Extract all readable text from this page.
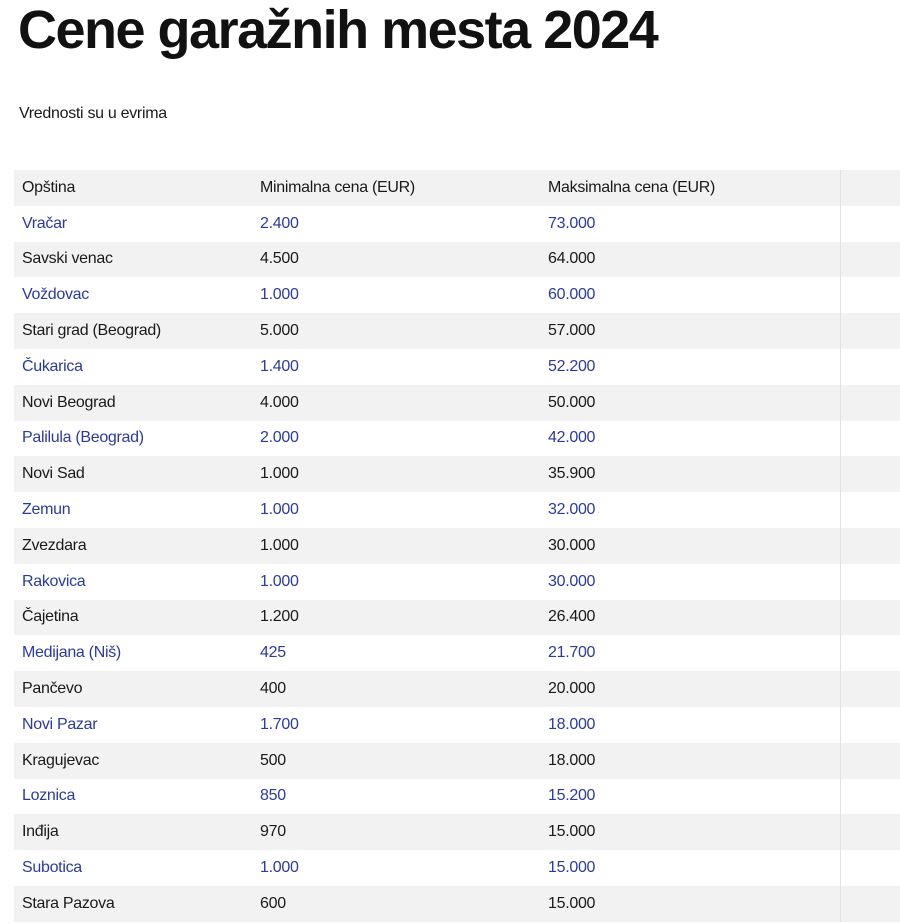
Cene garažnih mesta 2024
Vrednosti su u evrima
Opština	Minimalna cena (EUR)	Maksimalna cena (EUR)	
Vračar	2.400	73.000	
Savski venac	4.500	64.000	
Voždovac	1.000	60.000	
Stari grad (Beograd)	5.000	57.000	
Čukarica	1.400	52.200	
Novi Beograd	4.000	50.000	
Palilula (Beograd)	2.000	42.000	
Novi Sad	1.000	35.900	
Zemun	1.000	32.000	
Zvezdara	1.000	30.000	
Rakovica	1.000	30.000	
Čajetina	1.200	26.400	
Medijana (Niš)	425	21.700	
Pančevo	400	20.000	
Novi Pazar	1.700	18.000	
Kragujevac	500	18.000	
Loznica	850	15.200	
Inđija	970	15.000	
Subotica	1.000	15.000	
Stara Pazova	600	15.000	
